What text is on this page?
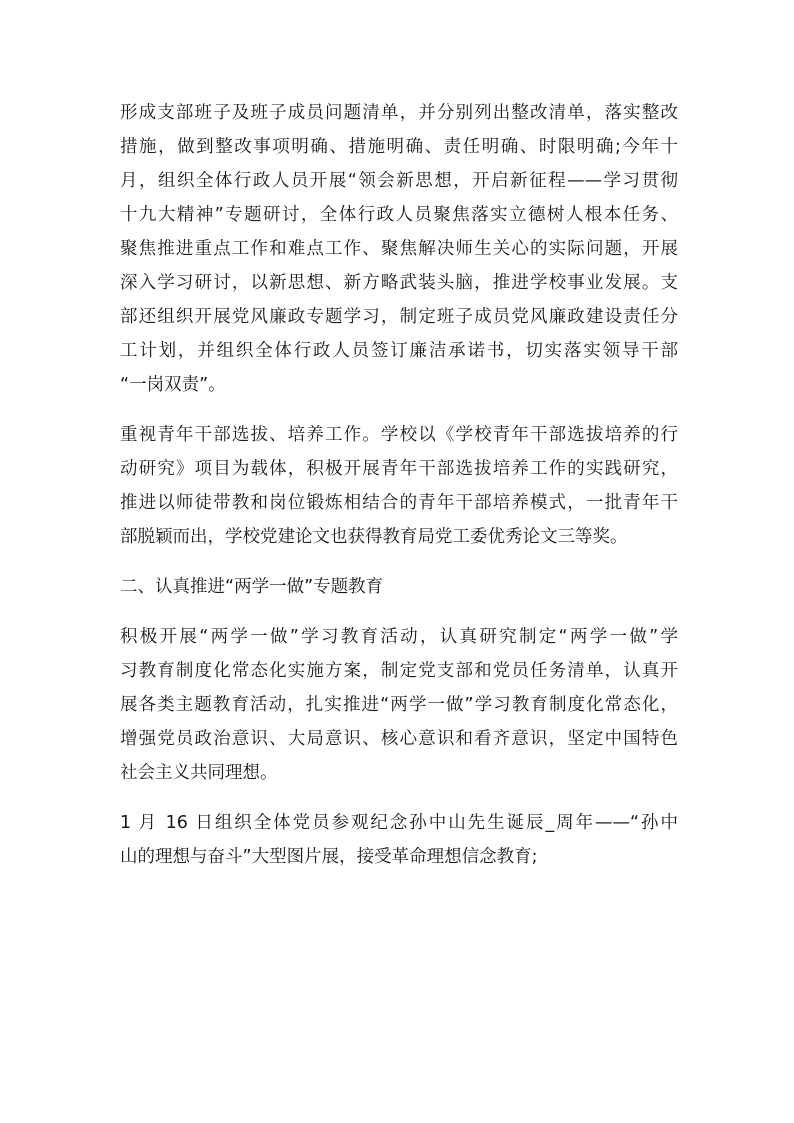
形成支部班子及班子成员问题清单，并分别列出整改清单，落实整改
措施，做到整改事项明确、措施明确、责任明确、时限明确;今年十
月，组织全体行政人员开展“领会新思想，开启新征程——学习贯彻
十九大精神”专题研讨，全体行政人员聚焦落实立德树人根本任务、
聚焦推进重点工作和难点工作、聚焦解决师生关心的实际问题，开展
深入学习研讨，以新思想、新方略武装头脑，推进学校事业发展。支
部还组织开展党风廉政专题学习，制定班子成员党风廉政建设责任分
工计划，并组织全体行政人员签订廉洁承诺书，切实落实领导干部
“一岗双责”。
重视青年干部选拔、培养工作。学校以《学校青年干部选拔培养的行
动研究》项目为载体，积极开展青年干部选拔培养工作的实践研究，
推进以师徒带教和岗位锻炼相结合的青年干部培养模式，一批青年干
部脱颖而出，学校党建论文也获得教育局党工委优秀论文三等奖。
二、认真推进“两学一做”专题教育
积极开展“两学一做”学习教育活动，认真研究制定“两学一做”学
习教育制度化常态化实施方案，制定党支部和党员任务清单，认真开
展各类主题教育活动，扎实推进“两学一做”学习教育制度化常态化，
增强党员政治意识、大局意识、核心意识和看齐意识，坚定中国特色
社会主义共同理想。
1 月 16 日组织全体党员参观纪念孙中山先生诞辰_周年——“孙中
山的理想与奋斗”大型图片展，接受革命理想信念教育;
